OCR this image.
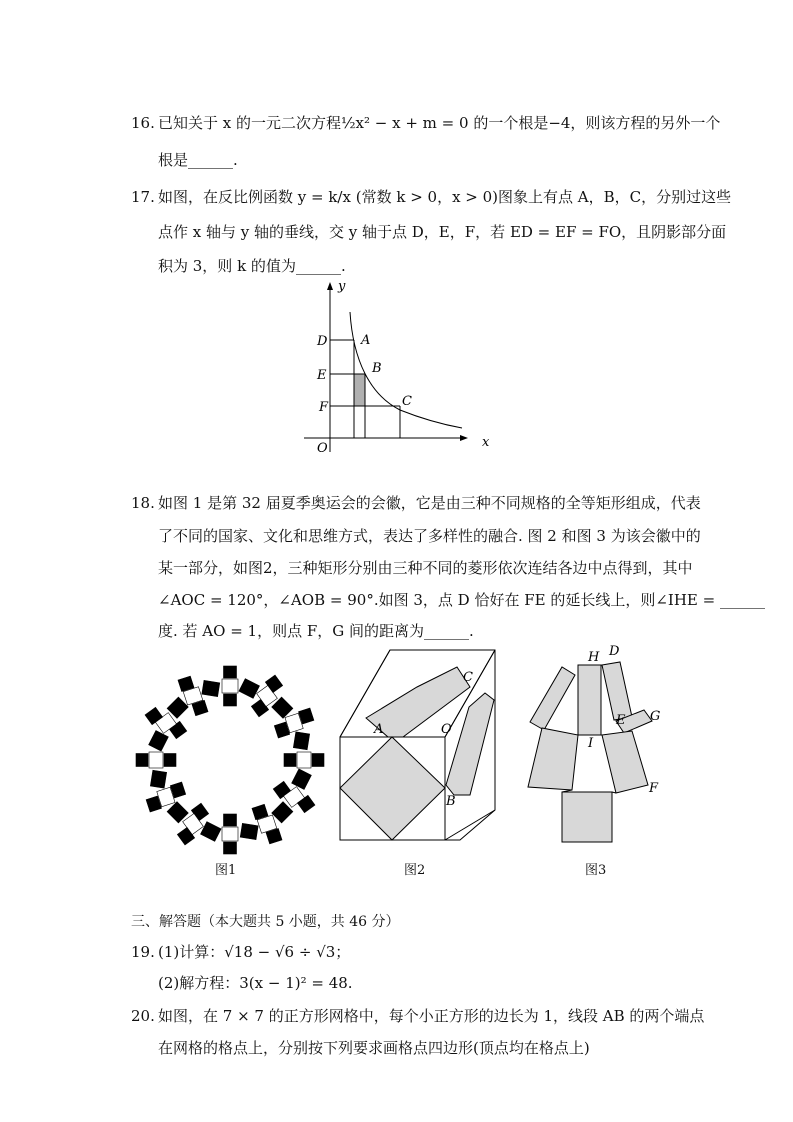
16. 已知关于 x 的一元二次方程½x² − x + m = 0 的一个根是−4，则该方程的另外一个
根是______.
17. 如图，在反比例函数 y = k/x (常数 k > 0，x > 0)图象上有点 A，B，C，分别过这些
点作 x 轴与 y 轴的垂线，交 y 轴于点 D，E，F，若 ED = EF = FO，且阴影部分面
积为 3，则 k 的值为______.
y
x
O
D
E
F
A
B
C
18. 如图 1 是第 32 届夏季奥运会的会徽，它是由三种不同规格的全等矩形组成，代表
了不同的国家、文化和思维方式，表达了多样性的融合. 图 2 和图 3 为该会徽中的
某一部分，如图2，三种矩形分别由三种不同的菱形依次连结各边中点得到，其中
∠AOC = 120°，∠AOB = 90°.如图 3，点 D 恰好在 FE 的延长线上，则∠IHE = ______
度. 若 AO = 1，则点 F，G 间的距离为______.
A	O
C
B
H D
E G
I
F
图1	图2	图3
三、解答题（本大题共 5 小题，共 46 分）
19. (1)计算：√18 − √6 ÷ √3；
(2)解方程：3(x − 1)² = 48.
20. 如图，在 7 × 7 的正方形网格中，每个小正方形的边长为 1，线段 AB 的两个端点
在网格的格点上，分别按下列要求画格点四边形(顶点均在格点上)
